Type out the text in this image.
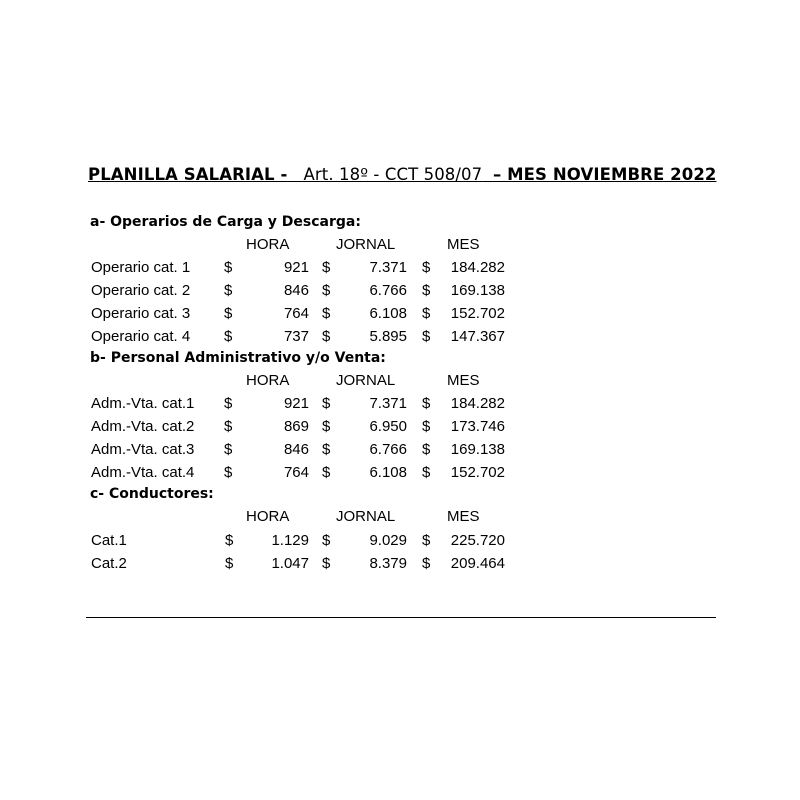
PLANILLA SALARIAL - Art. 18º - CCT 508/07 – MES NOVIEMBRE 2022
a- Operarios de Carga y Descarga:
HORA	JORNAL	MES
Operario cat. 1 $	921 $	7.371 $ 184.282
Operario cat. 2 $	846 $	6.766 $ 169.138
Operario cat. 3 $	764 $	6.108 $ 152.702
Operario cat. 4 $	737 $	5.895 $ 147.367
b- Personal Administrativo y/o Venta:
HORA	JORNAL	MES
Adm.-Vta. cat.1 $	921 $	7.371 $ 184.282
Adm.-Vta. cat.2 $	869 $	6.950 $ 173.746
Adm.-Vta. cat.3 $	846 $	6.766 $ 169.138
Adm.-Vta. cat.4 $	764 $	6.108 $ 152.702
c- Conductores:
HORA	JORNAL	MES
Cat.1	$	1.129 $	9.029 $ 225.720
Cat.2	$	1.047 $	8.379 $ 209.464
